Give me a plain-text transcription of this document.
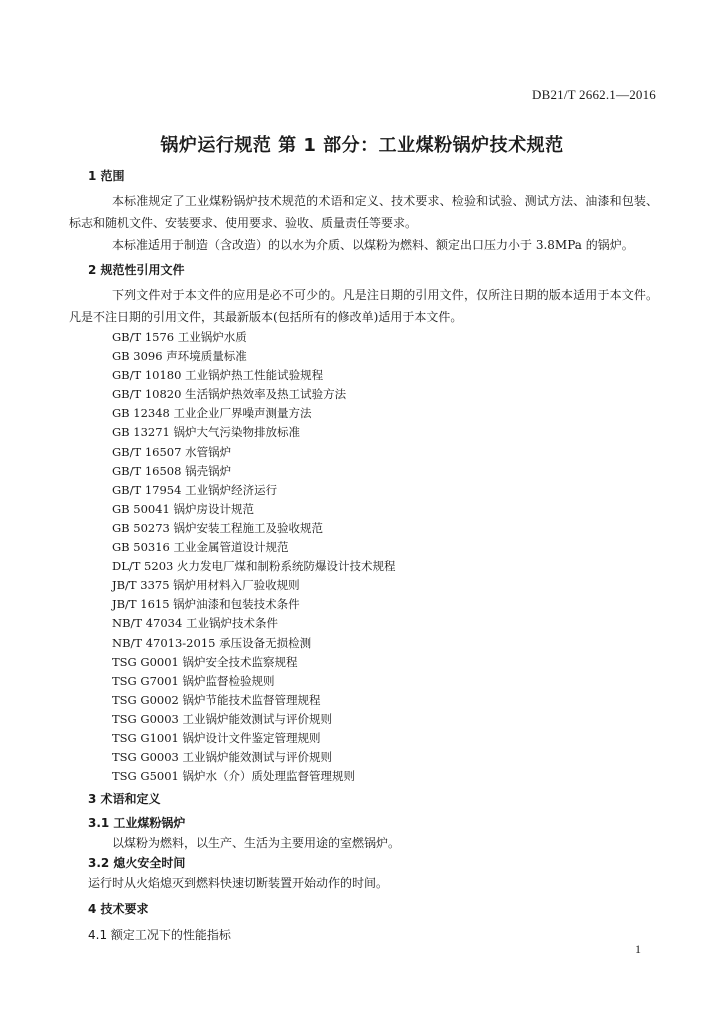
DB21/T 2662.1—2016
锅炉运行规范 第 1 部分：工业煤粉锅炉技术规范

1 范围

本标准规定了工业煤粉锅炉技术规范的术语和定义、技术要求、检验和试验、测试方法、油漆和包装、标志和随机文件、安装要求、使用要求、验收、质量责任等要求。

本标准适用于制造（含改造）的以水为介质、以煤粉为燃料、额定出口压力小于 3.8MPa 的锅炉。

2 规范性引用文件

下列文件对于本文件的应用是必不可少的。凡是注日期的引用文件，仅所注日期的版本适用于本文件。凡是不注日期的引用文件，其最新版本(包括所有的修改单)适用于本文件。

GB/T 1576 工业锅炉水质
GB 3096 声环境质量标准
GB/T 10180 工业锅炉热工性能试验规程
GB/T 10820 生活锅炉热效率及热工试验方法
GB 12348 工业企业厂界噪声测量方法
GB 13271 锅炉大气污染物排放标准
GB/T 16507 水管锅炉
GB/T 16508 锅壳锅炉
GB/T 17954 工业锅炉经济运行
GB 50041 锅炉房设计规范
GB 50273 锅炉安装工程施工及验收规范
GB 50316 工业金属管道设计规范
DL/T 5203 火力发电厂煤和制粉系统防爆设计技术规程
JB/T 3375 锅炉用材料入厂验收规则
JB/T 1615 锅炉油漆和包装技术条件
NB/T 47034 工业锅炉技术条件
NB/T 47013-2015 承压设备无损检测
TSG G0001 锅炉安全技术监察规程
TSG G7001 锅炉监督检验规则
TSG G0002 锅炉节能技术监督管理规程
TSG G0003 工业锅炉能效测试与评价规则
TSG G1001 锅炉设计文件鉴定管理规则
TSG G0003 工业锅炉能效测试与评价规则
TSG G5001 锅炉水（介）质处理监督管理规则

3 术语和定义

3.1 工业煤粉锅炉

以煤粉为燃料，以生产、生活为主要用途的室燃锅炉。

3.2 熄火安全时间

运行时从火焰熄灭到燃料快速切断装置开始动作的时间。

4 技术要求

4.1 额定工况下的性能指标

1
